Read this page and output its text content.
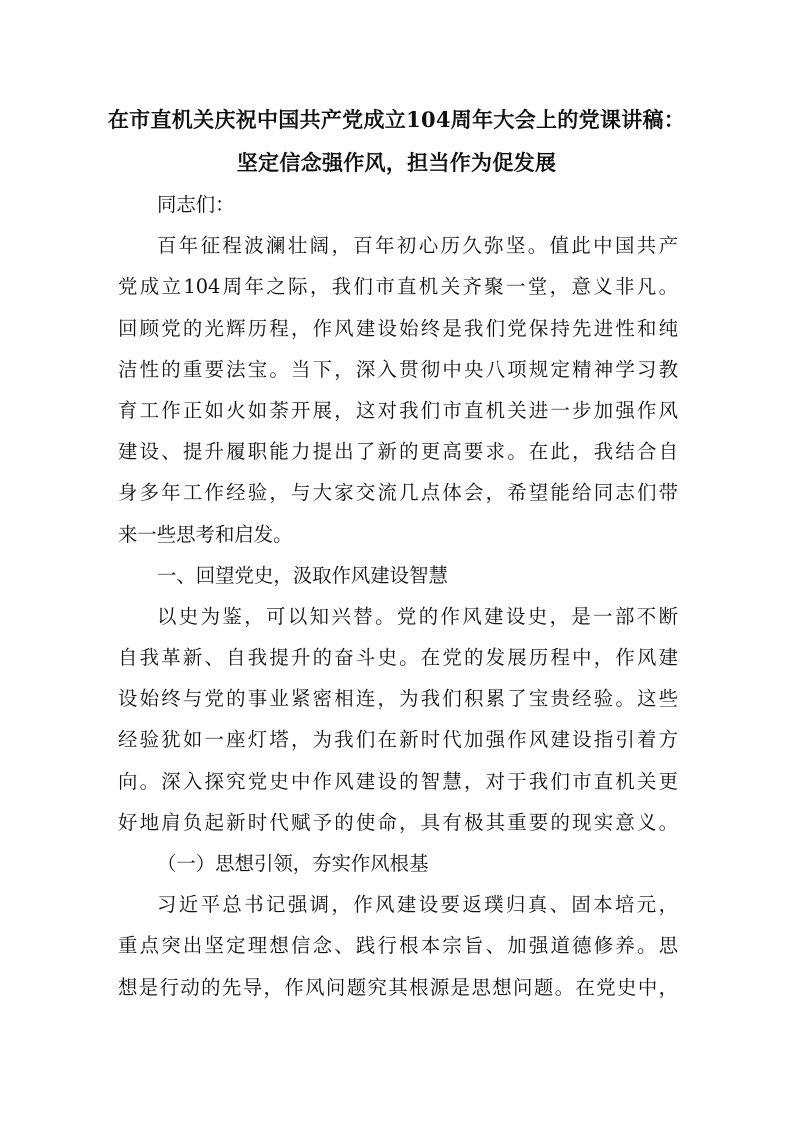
在市直机关庆祝中国共产党成立104周年大会上的党课讲稿：
坚定信念强作风，担当作为促发展
同志们：
百年征程波澜壮阔，百年初心历久弥坚。值此中国共产
党成立104周年之际，我们市直机关齐聚一堂，意义非凡。
回顾党的光辉历程，作风建设始终是我们党保持先进性和纯
洁性的重要法宝。当下，深入贯彻中央八项规定精神学习教
育工作正如火如荼开展，这对我们市直机关进一步加强作风
建设、提升履职能力提出了新的更高要求。在此，我结合自
身多年工作经验，与大家交流几点体会，希望能给同志们带
来一些思考和启发。
一、回望党史，汲取作风建设智慧
以史为鉴，可以知兴替。党的作风建设史，是一部不断
自我革新、自我提升的奋斗史。在党的发展历程中，作风建
设始终与党的事业紧密相连，为我们积累了宝贵经验。这些
经验犹如一座灯塔，为我们在新时代加强作风建设指引着方
向。深入探究党史中作风建设的智慧，对于我们市直机关更
好地肩负起新时代赋予的使命，具有极其重要的现实意义。
（一）思想引领，夯实作风根基
习近平总书记强调，作风建设要返璞归真、固本培元，
重点突出坚定理想信念、践行根本宗旨、加强道德修养。思
想是行动的先导，作风问题究其根源是思想问题。在党史中，
